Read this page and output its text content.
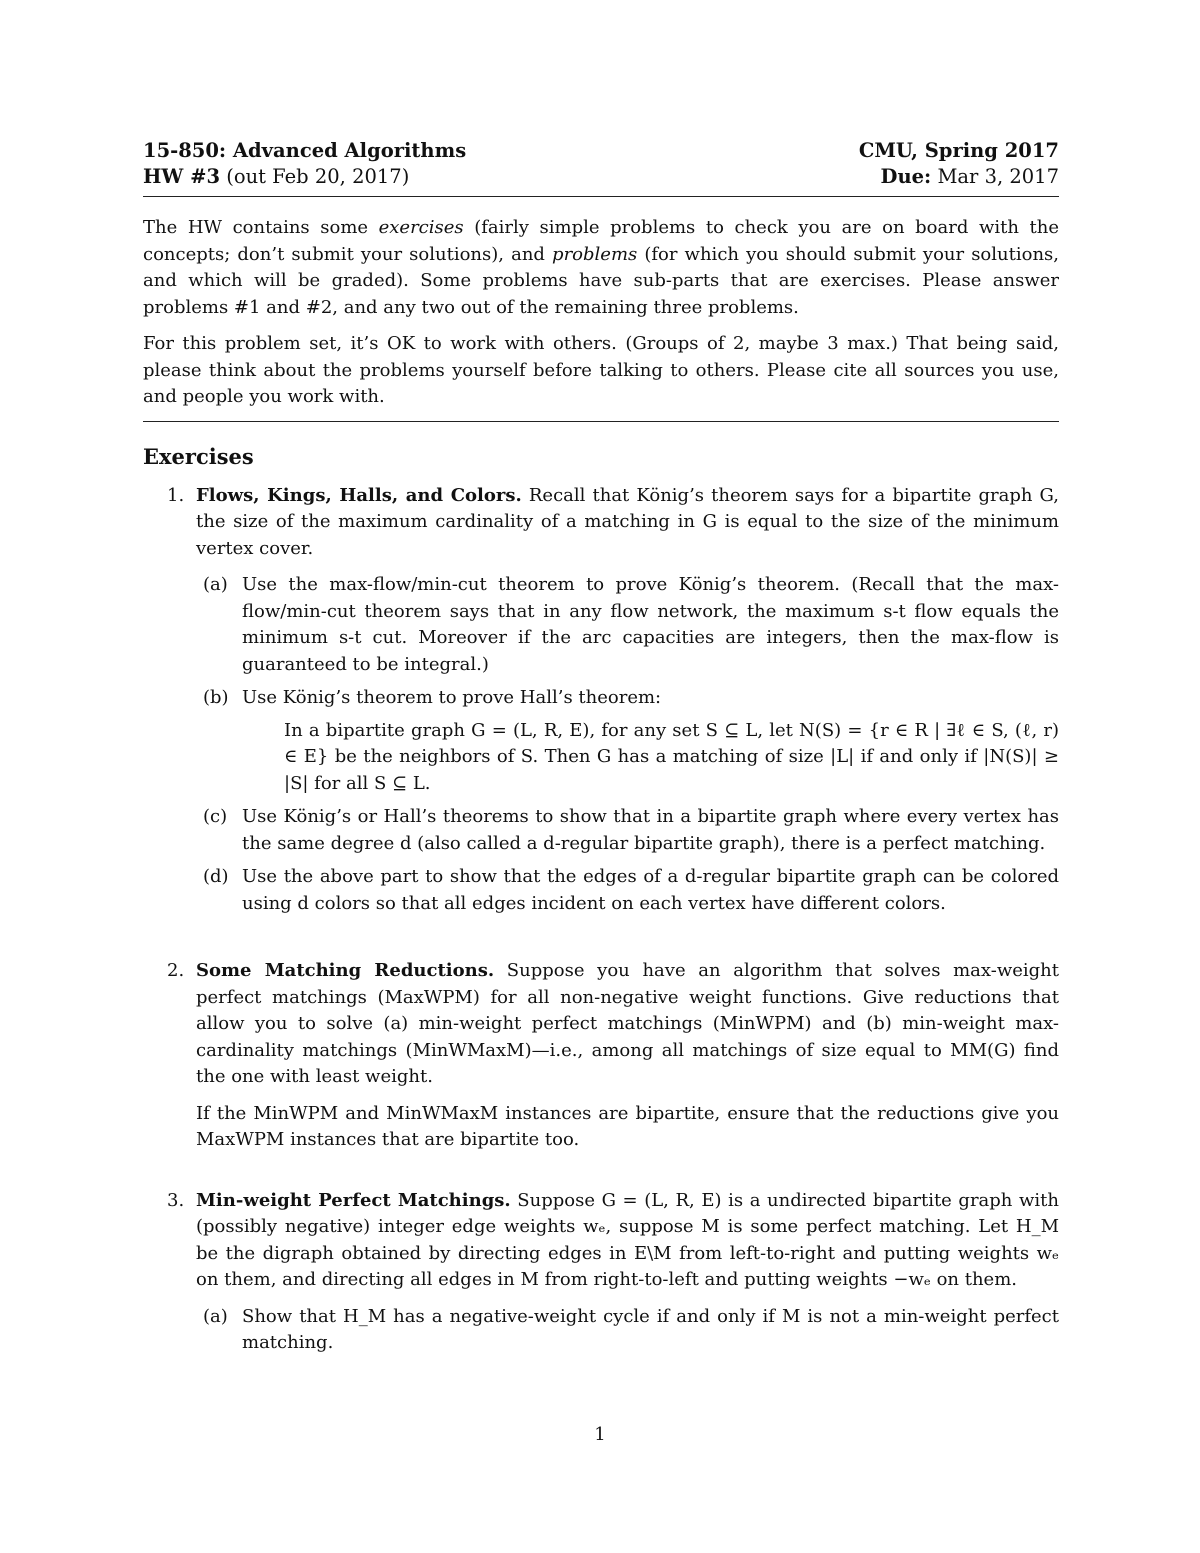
15-850: Advanced Algorithms	CMU, Spring 2017
HW #3 (out Feb 20, 2017)	Due: Mar 3, 2017

The HW contains some exercises (fairly simple problems to check you are on board with the concepts; don’t submit your solutions), and problems (for which you should submit your solutions, and which will be graded). Some problems have sub-parts that are exercises. Please answer problems #1 and #2, and any two out of the remaining three problems.

For this problem set, it’s OK to work with others. (Groups of 2, maybe 3 max.) That being said, please think about the problems yourself before talking to others. Please cite all sources you use, and people you work with.

Exercises
1. Flows, Kings, Halls, and Colors. Recall that König’s theorem says for a bipartite graph G, the size of the maximum cardinality of a matching in G is equal to the size of the minimum vertex cover.
(a) Use the max-flow/min-cut theorem to prove König’s theorem. (Recall that the max-flow/min-cut theorem says that in any flow network, the maximum s-t flow equals the minimum s-t cut. Moreover if the arc capacities are integers, then the max-flow is guaranteed to be integral.)
(b) Use König’s theorem to prove Hall’s theorem:
In a bipartite graph G = (L, R, E), for any set S ⊆ L, let N(S) = {r ∈ R | ∃ℓ ∈ S, (ℓ, r) ∈ E} be the neighbors of S. Then G has a matching of size |L| if and only if |N(S)| ≥ |S| for all S ⊆ L.
(c) Use König’s or Hall’s theorems to show that in a bipartite graph where every vertex has the same degree d (also called a d-regular bipartite graph), there is a perfect matching.
(d) Use the above part to show that the edges of a d-regular bipartite graph can be colored using d colors so that all edges incident on each vertex have different colors.
2. Some Matching Reductions. Suppose you have an algorithm that solves max-weight perfect matchings (MaxWPM) for all non-negative weight functions. Give reductions that allow you to solve (a) min-weight perfect matchings (MinWPM) and (b) min-weight max-cardinality matchings (MinWMaxM)—i.e., among all matchings of size equal to MM(G) find the one with least weight.
If the MinWPM and MinWMaxM instances are bipartite, ensure that the reductions give you MaxWPM instances that are bipartite too.
3. Min-weight Perfect Matchings. Suppose G = (L, R, E) is a undirected bipartite graph with (possibly negative) integer edge weights wₑ, suppose M is some perfect matching. Let H_M be the digraph obtained by directing edges in E\M from left-to-right and putting weights wₑ on them, and directing all edges in M from right-to-left and putting weights −wₑ on them.
(a) Show that H_M has a negative-weight cycle if and only if M is not a min-weight perfect matching.
1
